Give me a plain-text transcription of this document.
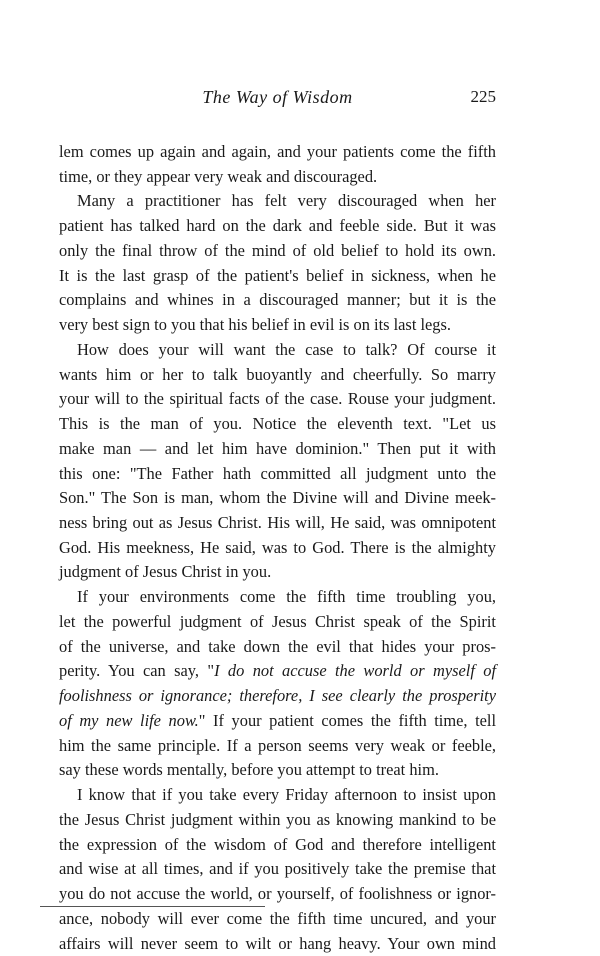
The Way of Wisdom	225
lem comes up again and again, and your patients come the fifth
time, or they appear very weak and discouraged.
Many a practitioner has felt very discouraged when her
patient has talked hard on the dark and feeble side. But it was
only the final throw of the mind of old belief to hold its own.
It is the last grasp of the patient's belief in sickness, when he
complains and whines in a discouraged manner; but it is the
very best sign to you that his belief in evil is on its last legs.
How does your will want the case to talk? Of course it
wants him or her to talk buoyantly and cheerfully. So marry
your will to the spiritual facts of the case. Rouse your judgment.
This is the man of you. Notice the eleventh text. "Let us
make man — and let him have dominion." Then put it with
this one: "The Father hath committed all judgment unto the
Son." The Son is man, whom the Divine will and Divine meek-
ness bring out as Jesus Christ. His will, He said, was omnipotent
God. His meekness, He said, was to God. There is the almighty
judgment of Jesus Christ in you.
If your environments come the fifth time troubling you,
let the powerful judgment of Jesus Christ speak of the Spirit
of the universe, and take down the evil that hides your pros-
perity. You can say, "I do not accuse the world or myself of
foolishness or ignorance; therefore, I see clearly the prosperity
of my new life now." If your patient comes the fifth time, tell
him the same principle. If a person seems very weak or feeble,
say these words mentally, before you attempt to treat him.
I know that if you take every Friday afternoon to insist upon
the Jesus Christ judgment within you as knowing mankind to be
the expression of the wisdom of God and therefore intelligent
and wise at all times, and if you positively take the premise that
you do not accuse the world, or yourself, of foolishness or ignor-
ance, nobody will ever come the fifth time uncured, and your
affairs will never seem to wilt or hang heavy. Your own mind
